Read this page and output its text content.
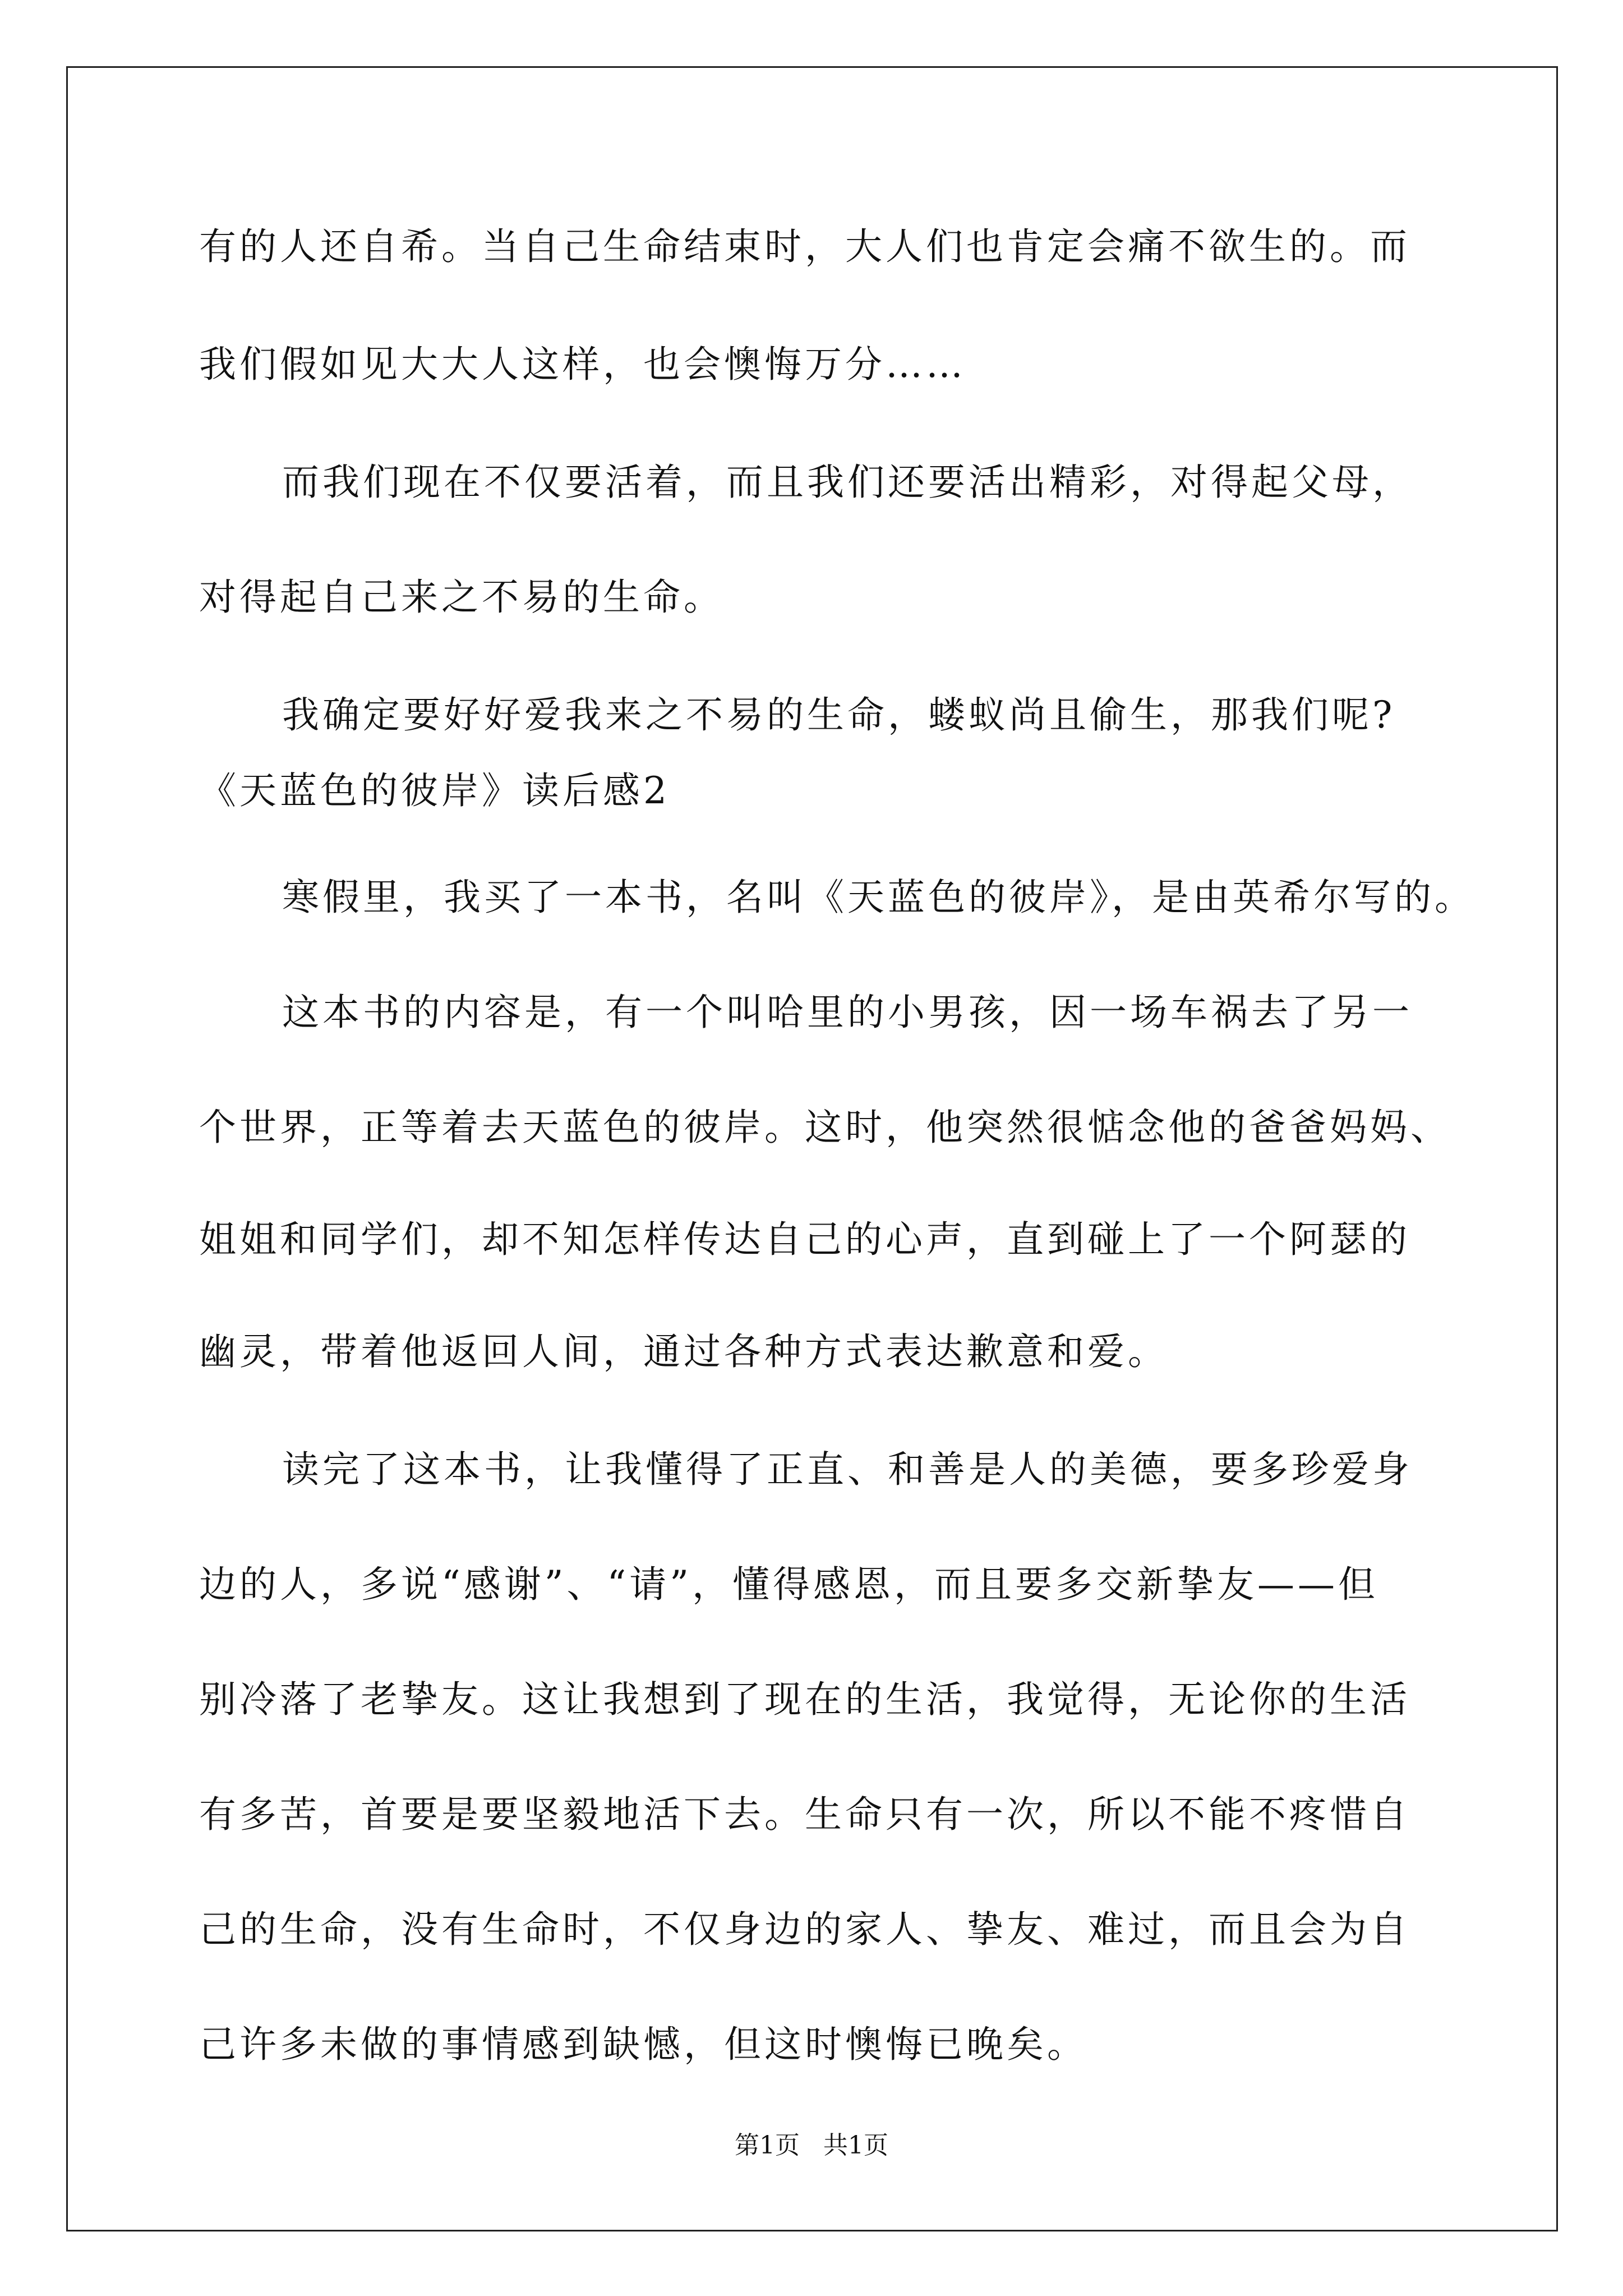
有的人还自希。当自己生命结束时，大人们也肯定会痛不欲生的。而
我们假如见大大人这样，也会懊悔万分……
而我们现在不仅要活着，而且我们还要活出精彩，对得起父母，
对得起自己来之不易的生命。
我确定要好好爱我来之不易的生命，蝼蚁尚且偷生，那我们呢?
《天蓝色的彼岸》读后感2
寒假里，我买了一本书，名叫《天蓝色的彼岸》，是由英希尔写的。
这本书的内容是，有一个叫哈里的小男孩，因一场车祸去了另一
个世界，正等着去天蓝色的彼岸。这时，他突然很惦念他的爸爸妈妈、
姐姐和同学们，却不知怎样传达自己的心声，直到碰上了一个阿瑟的
幽灵，带着他返回人间，通过各种方式表达歉意和爱。
读完了这本书，让我懂得了正直、和善是人的美德，要多珍爱身
边的人，多说“感谢”、“请”，懂得感恩，而且要多交新挚友——但
别冷落了老挚友。这让我想到了现在的生活，我觉得，无论你的生活
有多苦，首要是要坚毅地活下去。生命只有一次，所以不能不疼惜自
己的生命，没有生命时，不仅身边的家人、挚友、难过，而且会为自
己许多未做的事情感到缺憾，但这时懊悔已晚矣。
第1页 共1页
